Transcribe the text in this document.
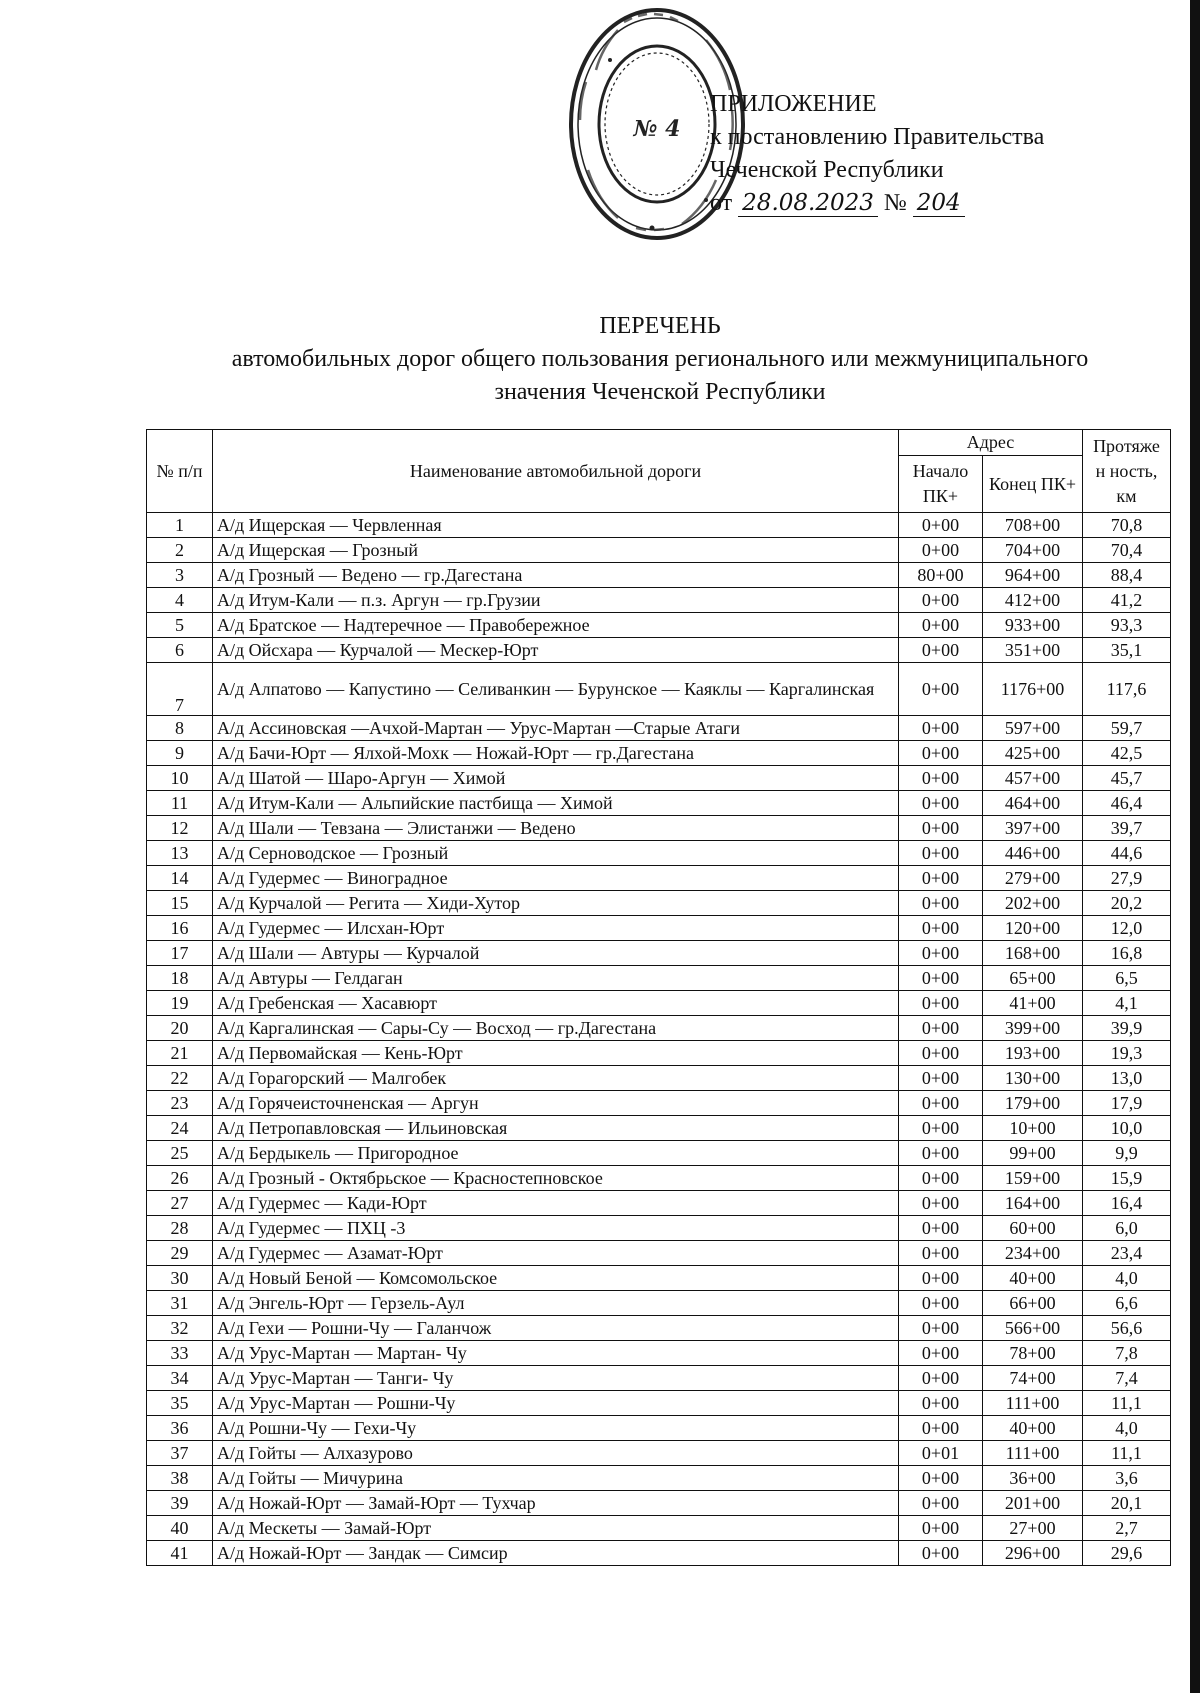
№ 4
ПРИЛОЖЕНИЕ
к постановлению Правительства
Чеченской Республики
от 28.08.2023 № 204
ПЕРЕЧЕНЬ
автомобильных дорог общего пользования регионального или межмуниципального
значения Чеченской Республики
№ п/п	Наименование автомобильной дороги	Адрес		Протяже н ность, км
		Начало ПК+	Конец ПК+	
1	А/д Ищерская — Червленная	0+00	708+00	70,8
2	А/д Ищерская — Грозный	0+00	704+00	70,4
3	А/д Грозный — Ведено — гр.Дагестана	80+00	964+00	88,4
4	А/д Итум-Кали — п.з. Аргун — гр.Грузии	0+00	412+00	41,2
5	А/д Братское — Надтеречное — Правобережное	0+00	933+00	93,3
6	А/д Ойсхара — Курчалой — Мескер-Юрт	0+00	351+00	35,1
7	А/д Алпатово — Капустино — Селиванкин — Бурунское — Каяклы — Каргалинская	0+00	1176+00	117,6
8	А/д Ассиновская —Ачхой-Мартан — Урус-Мартан —Старые Атаги	0+00	597+00	59,7
9	А/д Бачи-Юрт — Ялхой-Мохк — Ножай-Юрт — гр.Дагестана	0+00	425+00	42,5
10	А/д Шатой — Шаро-Аргун — Химой	0+00	457+00	45,7
11	А/д Итум-Кали — Альпийские пастбища — Химой	0+00	464+00	46,4
12	А/д Шали — Тевзана — Элистанжи — Ведено	0+00	397+00	39,7
13	А/д Серноводское — Грозный	0+00	446+00	44,6
14	А/д Гудермес — Виноградное	0+00	279+00	27,9
15	А/д Курчалой — Регита — Хиди-Хутор	0+00	202+00	20,2
16	А/д Гудермес — Илсхан-Юрт	0+00	120+00	12,0
17	А/д Шали — Автуры — Курчалой	0+00	168+00	16,8
18	А/д Автуры — Гелдаган	0+00	65+00	6,5
19	А/д Гребенская — Хасавюрт	0+00	41+00	4,1
20	А/д Каргалинская — Сары-Су — Восход — гр.Дагестана	0+00	399+00	39,9
21	А/д Первомайская — Кень-Юрт	0+00	193+00	19,3
22	А/д Горагорский — Малгобек	0+00	130+00	13,0
23	А/д Горячеисточненская — Аргун	0+00	179+00	17,9
24	А/д Петропавловская — Ильиновская	0+00	10+00	10,0
25	А/д Бердыкель — Пригородное	0+00	99+00	9,9
26	А/д Грозный - Октябрьское — Красностепновское	0+00	159+00	15,9
27	А/д Гудермес — Кади-Юрт	0+00	164+00	16,4
28	А/д Гудермес — ПХЦ -3	0+00	60+00	6,0
29	А/д Гудермес — Азамат-Юрт	0+00	234+00	23,4
30	А/д Новый Беной — Комсомольское	0+00	40+00	4,0
31	А/д Энгель-Юрт — Герзель-Аул	0+00	66+00	6,6
32	А/д Гехи — Рошни-Чу — Галанчож	0+00	566+00	56,6
33	А/д Урус-Мартан — Мартан- Чу	0+00	78+00	7,8
34	А/д Урус-Мартан — Танги- Чу	0+00	74+00	7,4
35	А/д Урус-Мартан — Рошни-Чу	0+00	111+00	11,1
36	А/д Рошни-Чу — Гехи-Чу	0+00	40+00	4,0
37	А/д Гойты — Алхазурово	0+01	111+00	11,1
38	А/д Гойты — Мичурина	0+00	36+00	3,6
39	А/д Ножай-Юрт — Замай-Юрт — Тухчар	0+00	201+00	20,1
40	А/д Мескеты — Замай-Юрт	0+00	27+00	2,7
41	А/д Ножай-Юрт — Зандак — Симсир	0+00	296+00	29,6
